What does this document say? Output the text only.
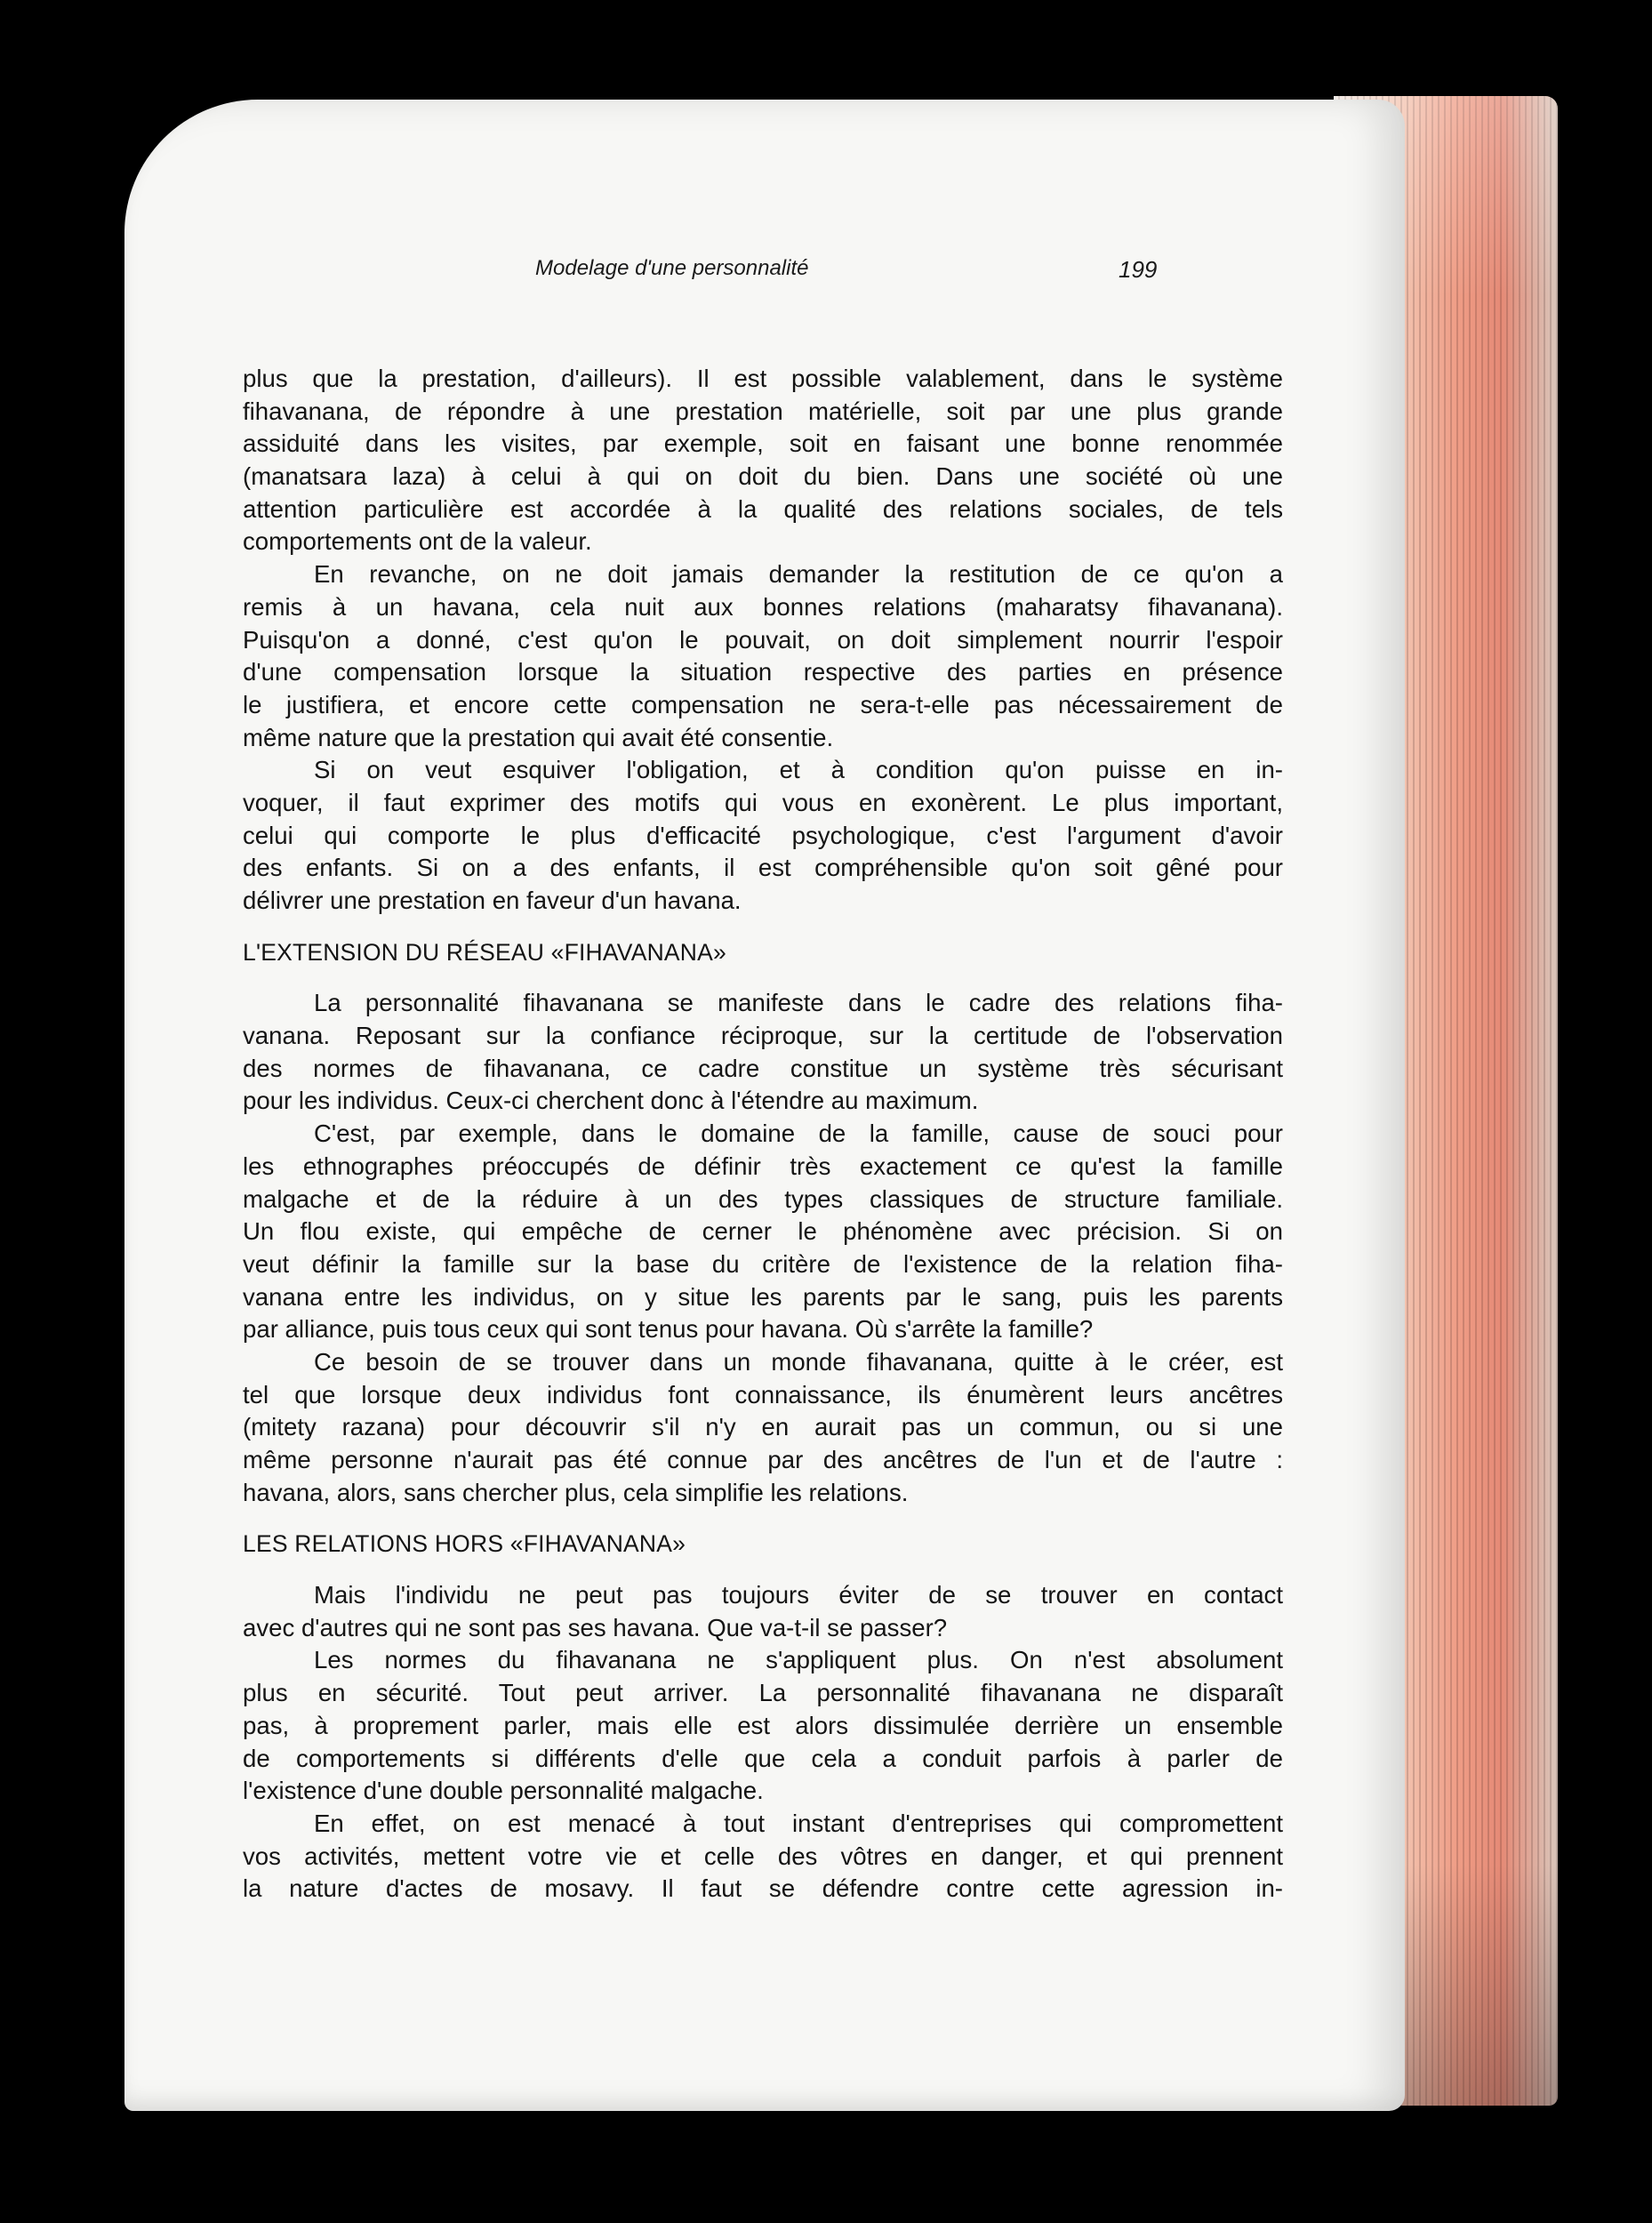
Modelage d'une personnalité	199
plus que la prestation, d'ailleurs). Il est possible valablement, dans le système
fihavanana, de répondre à une prestation matérielle, soit par une plus grande
assiduité dans les visites, par exemple, soit en faisant une bonne renommée
(manatsara laza) à celui à qui on doit du bien. Dans une société où une
attention particulière est accordée à la qualité des relations sociales, de tels
comportements ont de la valeur.
En revanche, on ne doit jamais demander la restitution de ce qu'on a
remis à un havana, cela nuit aux bonnes relations (maharatsy fihavanana).
Puisqu'on a donné, c'est qu'on le pouvait, on doit simplement nourrir l'espoir
d'une compensation lorsque la situation respective des parties en présence
le justifiera, et encore cette compensation ne sera-t-elle pas nécessairement de
même nature que la prestation qui avait été consentie.
Si on veut esquiver l'obligation, et à condition qu'on puisse en in-
voquer, il faut exprimer des motifs qui vous en exonèrent. Le plus important,
celui qui comporte le plus d'efficacité psychologique, c'est l'argument d'avoir
des enfants. Si on a des enfants, il est compréhensible qu'on soit gêné pour
délivrer une prestation en faveur d'un havana.
L'EXTENSION DU RÉSEAU «FIHAVANANA»
La personnalité fihavanana se manifeste dans le cadre des relations fiha-
vanana. Reposant sur la confiance réciproque, sur la certitude de l'observation
des normes de fihavanana, ce cadre constitue un système très sécurisant
pour les individus. Ceux-ci cherchent donc à l'étendre au maximum.
C'est, par exemple, dans le domaine de la famille, cause de souci pour
les ethnographes préoccupés de définir très exactement ce qu'est la famille
malgache et de la réduire à un des types classiques de structure familiale.
Un flou existe, qui empêche de cerner le phénomène avec précision. Si on
veut définir la famille sur la base du critère de l'existence de la relation fiha-
vanana entre les individus, on y situe les parents par le sang, puis les parents
par alliance, puis tous ceux qui sont tenus pour havana. Où s'arrête la famille?
Ce besoin de se trouver dans un monde fihavanana, quitte à le créer, est
tel que lorsque deux individus font connaissance, ils énumèrent leurs ancêtres
(mitety razana) pour découvrir s'il n'y en aurait pas un commun, ou si une
même personne n'aurait pas été connue par des ancêtres de l'un et de l'autre :
havana, alors, sans chercher plus, cela simplifie les relations.
LES RELATIONS HORS «FIHAVANANA»
Mais l'individu ne peut pas toujours éviter de se trouver en contact
avec d'autres qui ne sont pas ses havana. Que va-t-il se passer?
Les normes du fihavanana ne s'appliquent plus. On n'est absolument
plus en sécurité. Tout peut arriver. La personnalité fihavanana ne disparaît
pas, à proprement parler, mais elle est alors dissimulée derrière un ensemble
de comportements si différents d'elle que cela a conduit parfois à parler de
l'existence d'une double personnalité malgache.
En effet, on est menacé à tout instant d'entreprises qui compromettent
vos activités, mettent votre vie et celle des vôtres en danger, et qui prennent
la nature d'actes de mosavy. Il faut se défendre contre cette agression in-
